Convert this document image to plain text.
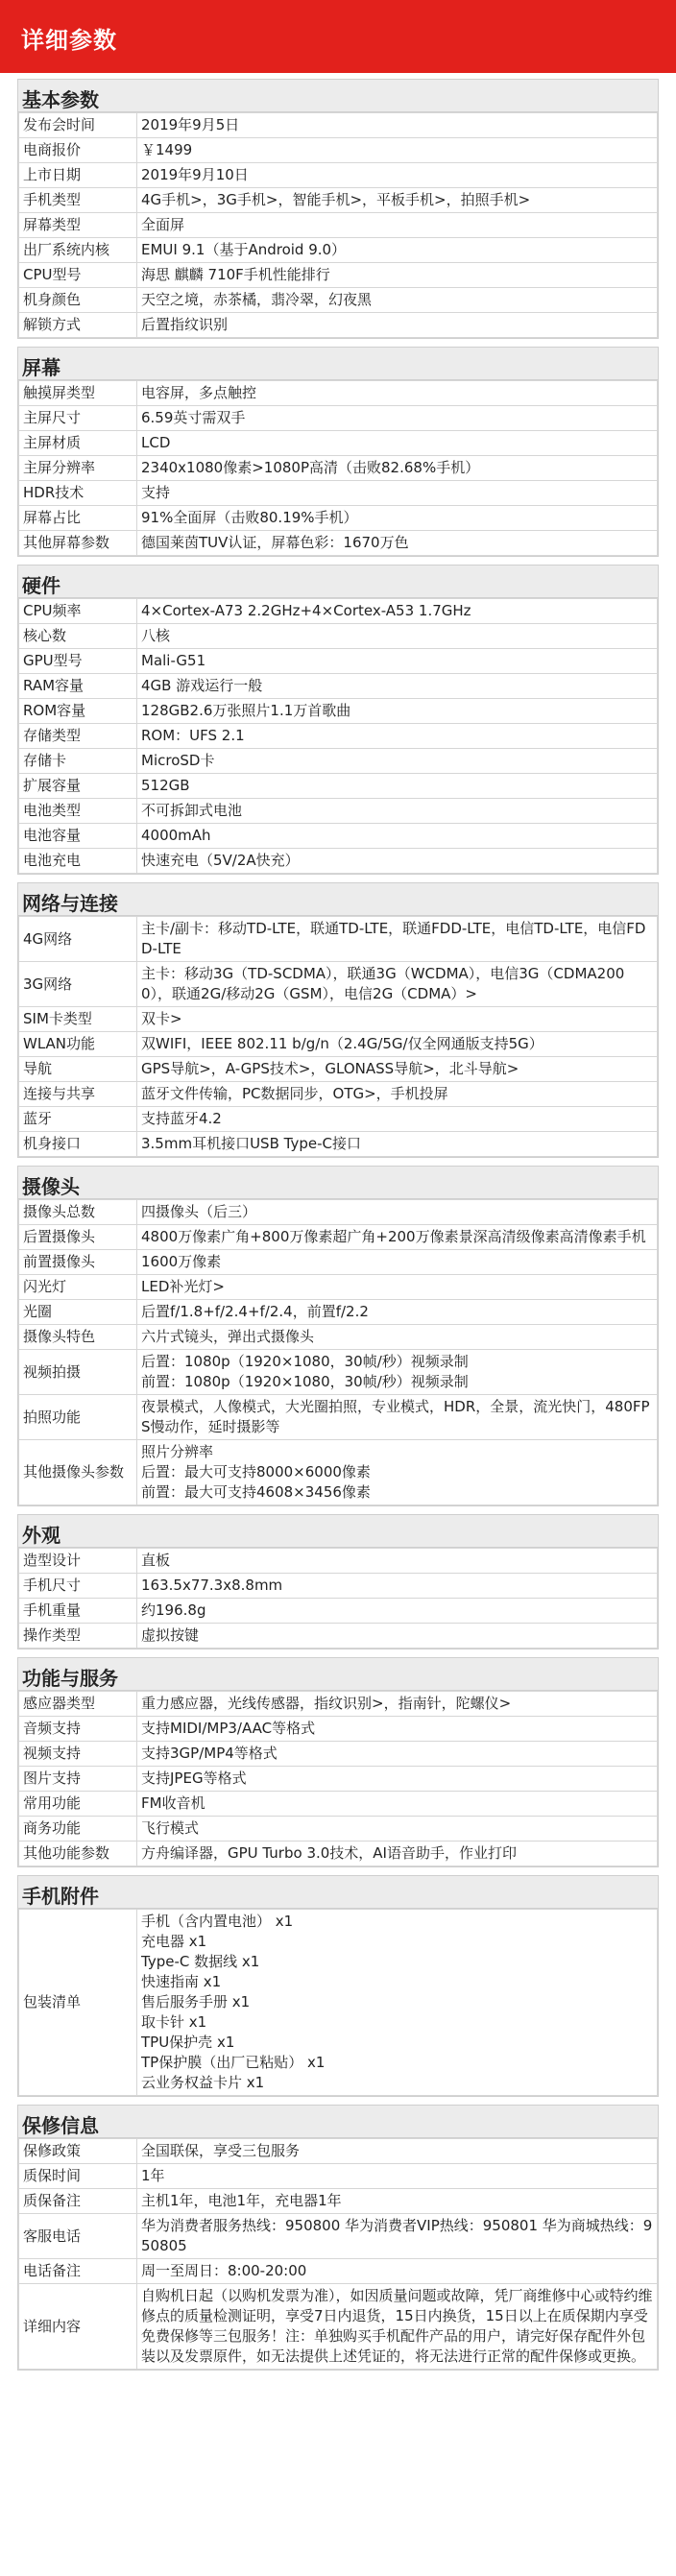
详细参数
基本参数
发布会时间	2019年9月5日

电商报价	￥1499

上市日期	2019年9月10日

手机类型	4G手机>，3G手机>，智能手机>，平板手机>，拍照手机>

屏幕类型	全面屏

出厂系统内核	EMUI 9.1（基于Android 9.0）

CPU型号	海思 麒麟 710F手机性能排行

机身颜色	天空之境，赤茶橘，翡冷翠，幻夜黑

解锁方式	后置指纹识别
屏幕
触摸屏类型	电容屏，多点触控

主屏尺寸	6.59英寸需双手

主屏材质	LCD

主屏分辨率	2340x1080像素>1080P高清（击败82.68%手机）

HDR技术	支持

屏幕占比	91%全面屏（击败80.19%手机）

其他屏幕参数	德国莱茵TUV认证，屏幕色彩：1670万色
硬件
CPU频率	4×Cortex-A73 2.2GHz+4×Cortex-A53 1.7GHz

核心数	八核

GPU型号	Mali-G51

RAM容量	4GB 游戏运行一般

ROM容量	128GB2.6万张照片1.1万首歌曲

存储类型	ROM：UFS 2.1

存储卡	MicroSD卡

扩展容量	512GB

电池类型	不可拆卸式电池

电池容量	4000mAh

电池充电	快速充电（5V/2A快充）
网络与连接
4G网络	主卡/副卡：移动TD-LTE，联通TD-LTE，联通FDD-LTE，电信TD-LTE，电信FDD-LTE

3G网络	主卡：移动3G（TD-SCDMA），联通3G（WCDMA），电信3G（CDMA2000），联通2G/移动2G（GSM），电信2G（CDMA）>

SIM卡类型	双卡>

WLAN功能	双WIFI，IEEE 802.11 b/g/n（2.4G/5G/仅全网通版支持5G）

导航	GPS导航>，A-GPS技术>，GLONASS导航>，北斗导航>

连接与共享	蓝牙文件传输，PC数据同步，OTG>，手机投屏

蓝牙	支持蓝牙4.2

机身接口	3.5mm耳机接口USB Type-C接口
摄像头
摄像头总数	四摄像头（后三）

后置摄像头	4800万像素广角+800万像素超广角+200万像素景深高清级像素高清像素手机

前置摄像头	1600万像素

闪光灯	LED补光灯>

光圈	后置f/1.8+f/2.4+f/2.4，前置f/2.2

摄像头特色	六片式镜头，弹出式摄像头

视频拍摄	后置：1080p（1920×1080，30帧/秒）视频录制
前置：1080p（1920×1080，30帧/秒）视频录制

拍照功能	夜景模式，人像模式，大光圈拍照，专业模式，HDR，全景，流光快门，480FPS慢动作，延时摄影等

其他摄像头参数	照片分辨率
后置：最大可支持8000×6000像素
前置：最大可支持4608×3456像素
外观
造型设计	直板

手机尺寸	163.5x77.3x8.8mm

手机重量	约196.8g

操作类型	虚拟按键
功能与服务
感应器类型	重力感应器，光线传感器，指纹识别>，指南针，陀螺仪>

音频支持	支持MIDI/MP3/AAC等格式

视频支持	支持3GP/MP4等格式

图片支持	支持JPEG等格式

常用功能	FM收音机

商务功能	飞行模式

其他功能参数	方舟编译器，GPU Turbo 3.0技术，AI语音助手，作业打印
手机附件
包装清单	
手机（含内置电池） x1
充电器 x1
Type-C 数据线 x1
快速指南 x1
售后服务手册 x1
取卡针 x1
TPU保护壳 x1
TP保护膜（出厂已粘贴） x1
云业务权益卡片 x1
保修信息
保修政策	全国联保，享受三包服务

质保时间	1年

质保备注	主机1年，电池1年，充电器1年

客服电话	华为消费者服务热线：950800 华为消费者VIP热线：950801 华为商城热线：950805

电话备注	周一至周日：8:00-20:00

详细内容	自购机日起（以购机发票为准），如因质量问题或故障，凭厂商维修中心或特约维修点的质量检测证明，享受7日内退货，15日内换货，15日以上在质保期内享受免费保修等三包服务！注：单独购买手机配件产品的用户，请完好保存配件外包装以及发票原件，如无法提供上述凭证的，将无法进行正常的配件保修或更换。
